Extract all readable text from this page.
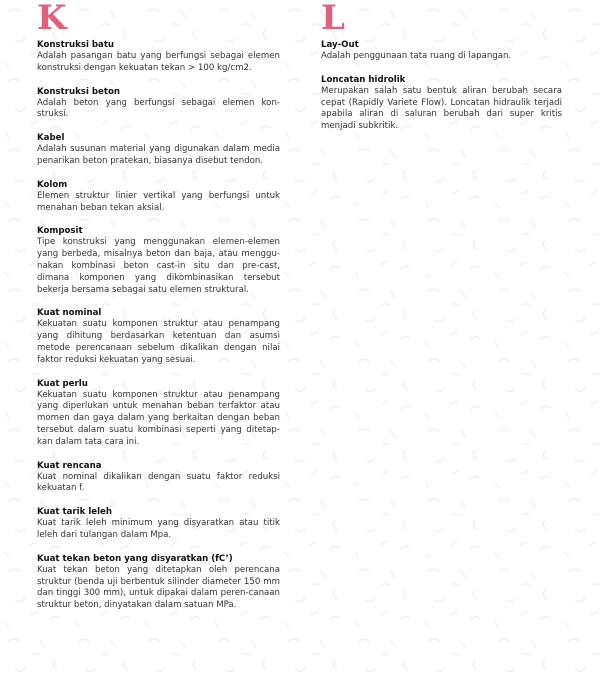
K
Konstruksi batu
Adalah pasangan batu yang berfungsi sebagai elemen konstruksi dengan kekuatan tekan > 100 kg/cm2.
Konstruksi beton
Adalah beton yang berfungsi sebagai elemen kon-struksi.
Kabel
Adalah susunan material yang digunakan dalam media penarikan beton pratekan, biasanya disebut tendon.
Kolom
Elemen struktur linier vertikal yang berfungsi untuk menahan beban tekan aksial.
Komposit
Tipe konstruksi yang menggunakan elemen-elemen yang berbeda, misalnya beton dan baja, atau menggu-nakan kombinasi beton cast-in situ dan pre-cast, dimana komponen yang dikombinasikan tersebut bekerja bersama sebagai satu elemen struktural.
Kuat nominal
Kekuatan suatu komponen struktur atau penampang yang dihitung berdasarkan ketentuan dan asumsi metode perencanaan sebelum dikalikan dengan nilai faktor reduksi kekuatan yang sesuai.
Kuat perlu
Kekuatan suatu komponen struktur atau penampang yang diperlukan untuk menahan beban terfaktor atau momen dan gaya dalam yang berkaitan dengan beban tersebut dalam suatu kombinasi seperti yang ditetap-kan dalam tata cara ini.
Kuat rencana
Kuat nominal dikalikan dengan suatu faktor reduksi kekuatan f.
Kuat tarik leleh
Kuat tarik leleh minimum yang disyaratkan atau titik leleh dari tulangan dalam Mpa.
Kuat tekan beton yang disyaratkan (fC’)
Kuat tekan beton yang ditetapkan oleh perencana struktur (benda uji berbentuk silinder diameter 150 mm dan tinggi 300 mm), untuk dipakai dalam peren-canaan struktur beton, dinyatakan dalam satuan MPa.
L
Lay-Out
Adalah penggunaan tata ruang di lapangan.
Loncatan hidrolik
Merupakan salah satu bentuk aliran berubah secara cepat (Rapidly Variete Flow). Loncatan hidraulik terjadi apabila aliran di saluran berubah dari super kritis menjadi subkritik.
